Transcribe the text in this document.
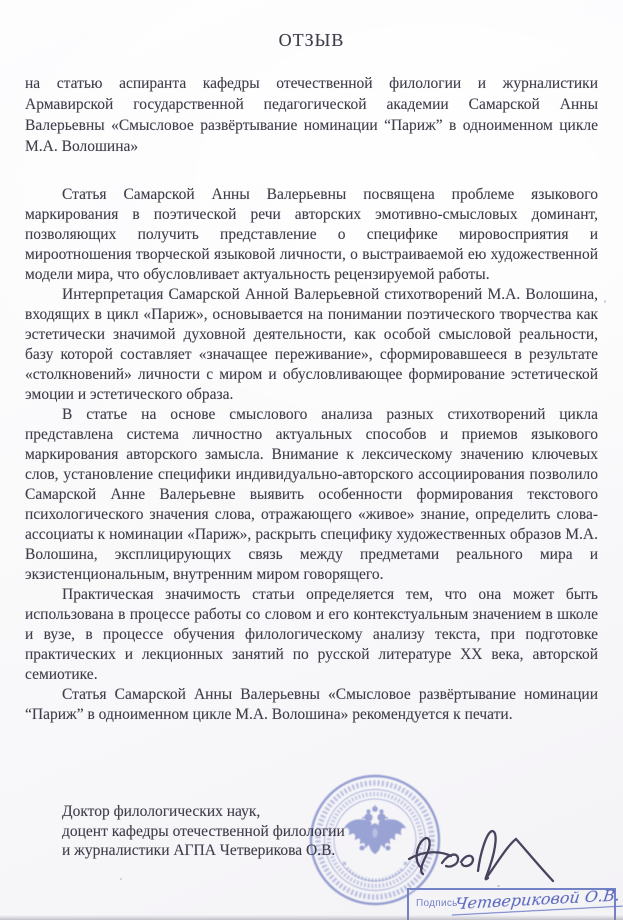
ОТЗЫВ
на статью аспиранта кафедры отечественной филологии и журналистики Армавирской государственной педагогической академии Самарской Анны Валерьевны «Смысловое развёртывание номинации “Париж” в одноименном цикле М.А. Волошина»

Статья Самарской Анны Валерьевны посвящена проблеме языкового маркирования в поэтической речи авторских эмотивно-смысловых доминант, позволяющих получить представление о специфике мировосприятия и мироотношения творческой языковой личности, о выстраиваемой ею художественной модели мира, что обусловливает актуальность рецензируемой работы.

Интерпретация Самарской Анной Валерьевной стихотворений М.А. Волошина, входящих в цикл «Париж», основывается на понимании поэтического творчества как эстетически значимой духовной деятельности, как особой смысловой реальности, базу которой составляет «значащее переживание», сформировавшееся в результате «столкновений» личности с миром и обусловливающее формирование эстетической эмоции и эстетического образа.

В статье на основе смыслового анализа разных стихотворений цикла представлена система личностно актуальных способов и приемов языкового маркирования авторского замысла. Внимание к лексическому значению ключевых слов, установление специфики индивидуально-авторского ассоциирования позволило Самарской Анне Валерьевне выявить особенности формирования текстового психологического значения слова, отражающего «живое» знание, определить слова-ассоциаты к номинации «Париж», раскрыть специфику художественных образов М.А. Волошина, эксплицирующих связь между предметами реального мира и экзистенциональным, внутренним миром говорящего.

Практическая значимость статьи определяется тем, что она может быть использована в процессе работы со словом и его контекстуальным значением в школе и вузе, в процессе обучения филологическому анализу текста, при подготовке практических и лекционных занятий по русской литературе XX века, авторской семиотике.

Статья Самарской Анны Валерьевны «Смысловое развёртывание номинации “Париж” в одноименном цикле М.А. Волошина» рекомендуется к печати.

Доктор филологических наук,
доцент кафедры отечественной филологии
и журналистики АГПА Четверикова О.В.
Подпись
Четвериковой О.В.
